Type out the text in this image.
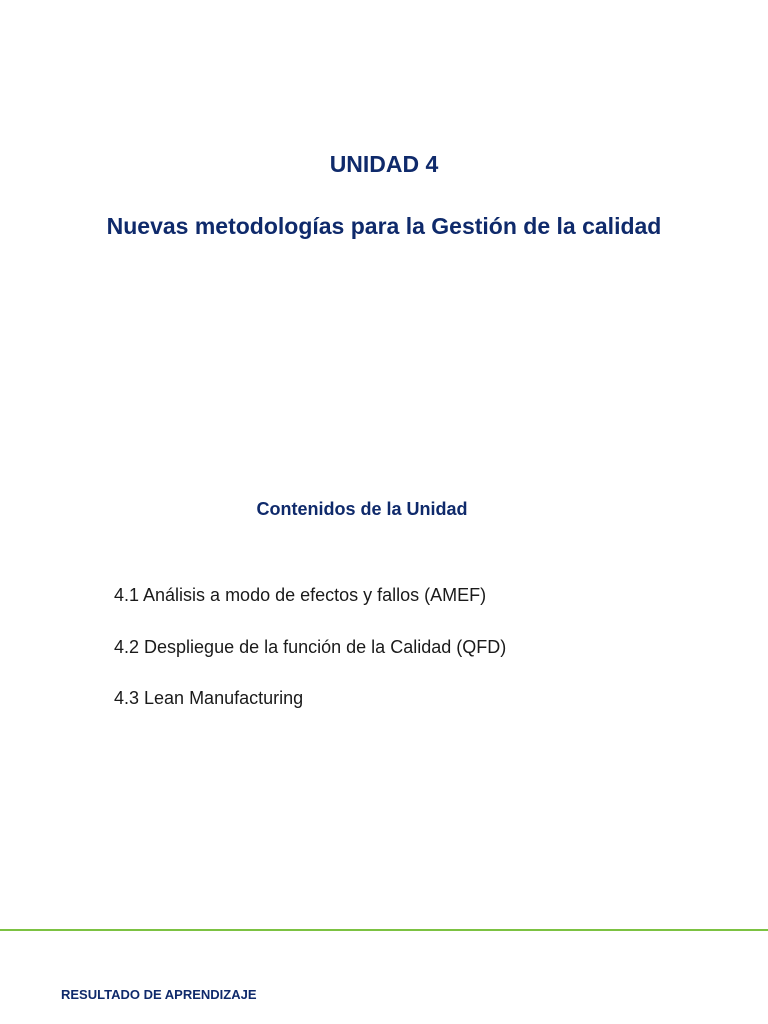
UNIDAD 4
Nuevas metodologías para la Gestión de la calidad
Contenidos de la Unidad
4.1 Análisis a modo de efectos y fallos (AMEF)
4.2 Despliegue de la función de la Calidad (QFD)
4.3 Lean Manufacturing
RESULTADO DE APRENDIZAJE
